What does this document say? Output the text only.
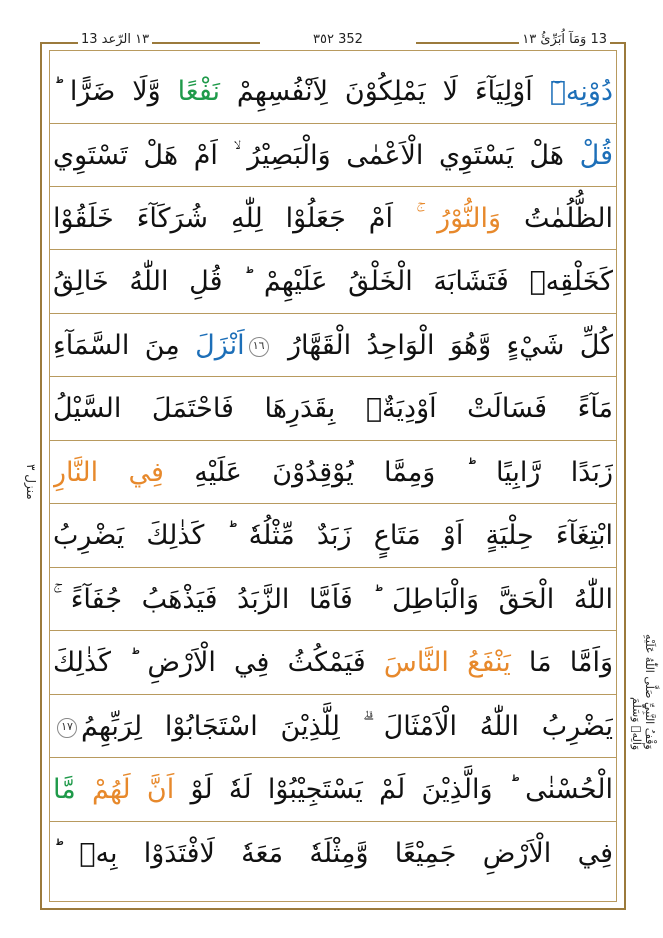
١٣ الرّعد 13	٣٥٢ 352	13 وَمَآ اُبَرِّئُ ١٣
منزل ٣
وَقْفُ النَّبِيِّ صَلَّى اللّٰهُ عَلَيْهِ وَاٰلِهٖ وَسَلَّمَ
دُوْنِهٖٓ اَوْلِيَآءَ لَا يَمْلِكُوْنَ لِاَنْفُسِهِمْ نَفْعًا وَّلَا ضَرًّا ؕ
قُلْ هَلْ يَسْتَوِي الْاَعْمٰى وَالْبَصِيْرُ ۙ اَمْ هَلْ تَسْتَوِي
الظُّلُمٰتُ وَالنُّوْرُ ۚ اَمْ جَعَلُوْا لِلّٰهِ شُرَكَآءَ خَلَقُوْا
كَخَلْقِهٖ فَتَشَابَهَ الْخَلْقُ عَلَيْهِمْ ؕ قُلِ اللّٰهُ خَالِقُ
كُلِّ شَيْءٍ وَّهُوَ الْوَاحِدُ الْقَهَّارُ ١٦اَنْزَلَ مِنَ السَّمَآءِ
مَآءً فَسَالَتْ اَوْدِيَةٌۢ بِقَدَرِهَا فَاحْتَمَلَ السَّيْلُ
زَبَدًا رَّابِيًا ؕ وَمِمَّا يُوْقِدُوْنَ عَلَيْهِ فِي النَّارِ
ابْتِغَآءَ حِلْيَةٍ اَوْ مَتَاعٍ زَبَدٌ مِّثْلُهٗ ؕ كَذٰلِكَ يَضْرِبُ
اللّٰهُ الْحَقَّ وَالْبَاطِلَ ؕ فَاَمَّا الزَّبَدُ فَيَذْهَبُ جُفَآءً ۚ
وَاَمَّا مَا يَنْفَعُ النَّاسَ فَيَمْكُثُ فِي الْاَرْضِ ؕ كَذٰلِكَ
يَضْرِبُ اللّٰهُ الْاَمْثَالَ ۗ لِلَّذِيْنَ اسْتَجَابُوْا لِرَبِّهِمُ١٧
الْحُسْنٰى ؕ وَالَّذِيْنَ لَمْ يَسْتَجِيْبُوْا لَهٗ لَوْ اَنَّ لَهُمْ مَّا
فِي الْاَرْضِ جَمِيْعًا وَّمِثْلَهٗ مَعَهٗ لَافْتَدَوْا بِهٖ ؕ
